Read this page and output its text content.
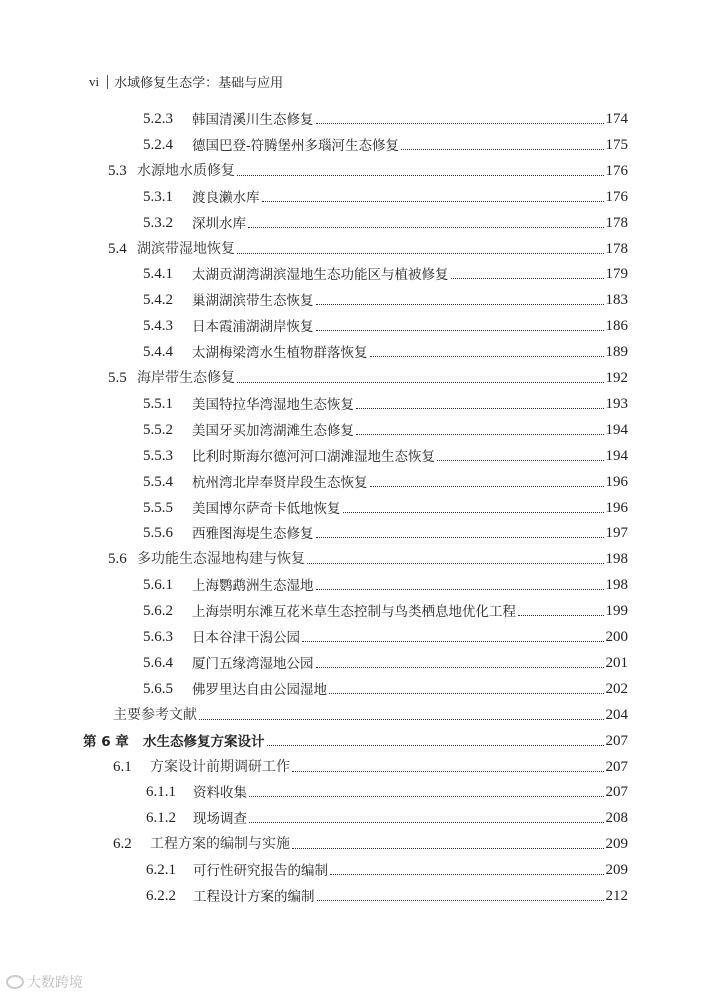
vi 水域修复生态学：基础与应用
5.2.3	韩国清溪川生态修复	174
5.2.4	德国巴登-符腾堡州多瑙河生态修复	175
5.3 水源地水质修复	176
5.3.1	渡良濑水库	176
5.3.2	深圳水库	178
5.4 湖滨带湿地恢复	178
5.4.1	太湖贡湖湾湖滨湿地生态功能区与植被修复	179
5.4.2	巢湖湖滨带生态恢复	183
5.4.3	日本霞浦湖湖岸恢复	186
5.4.4	太湖梅梁湾水生植物群落恢复	189
5.5 海岸带生态修复	192
5.5.1	美国特拉华湾湿地生态恢复	193
5.5.2	美国牙买加湾湖滩生态修复	194
5.5.3	比利时斯海尔德河河口湖滩湿地生态恢复	194
5.5.4	杭州湾北岸奉贤岸段生态恢复	196
5.5.5	美国博尔萨奇卡低地恢复	196
5.5.6	西雅图海堤生态修复	197
5.6 多功能生态湿地构建与恢复	198
5.6.1	上海鹦鹉洲生态湿地	198
5.6.2	上海崇明东滩互花米草生态控制与鸟类栖息地优化工程	199
5.6.3	日本谷津干潟公园	200
5.6.4	厦门五缘湾湿地公园	201
5.6.5	佛罗里达自由公园湿地	202
主要参考文献	204
第 6 章	水生态修复方案设计	207
6.1	方案设计前期调研工作	207
6.1.1	资料收集	207
6.1.2	现场调查	208
6.2	工程方案的编制与实施	209
6.2.1	可行性研究报告的编制	209
6.2.2	工程设计方案的编制	212
大数跨境
